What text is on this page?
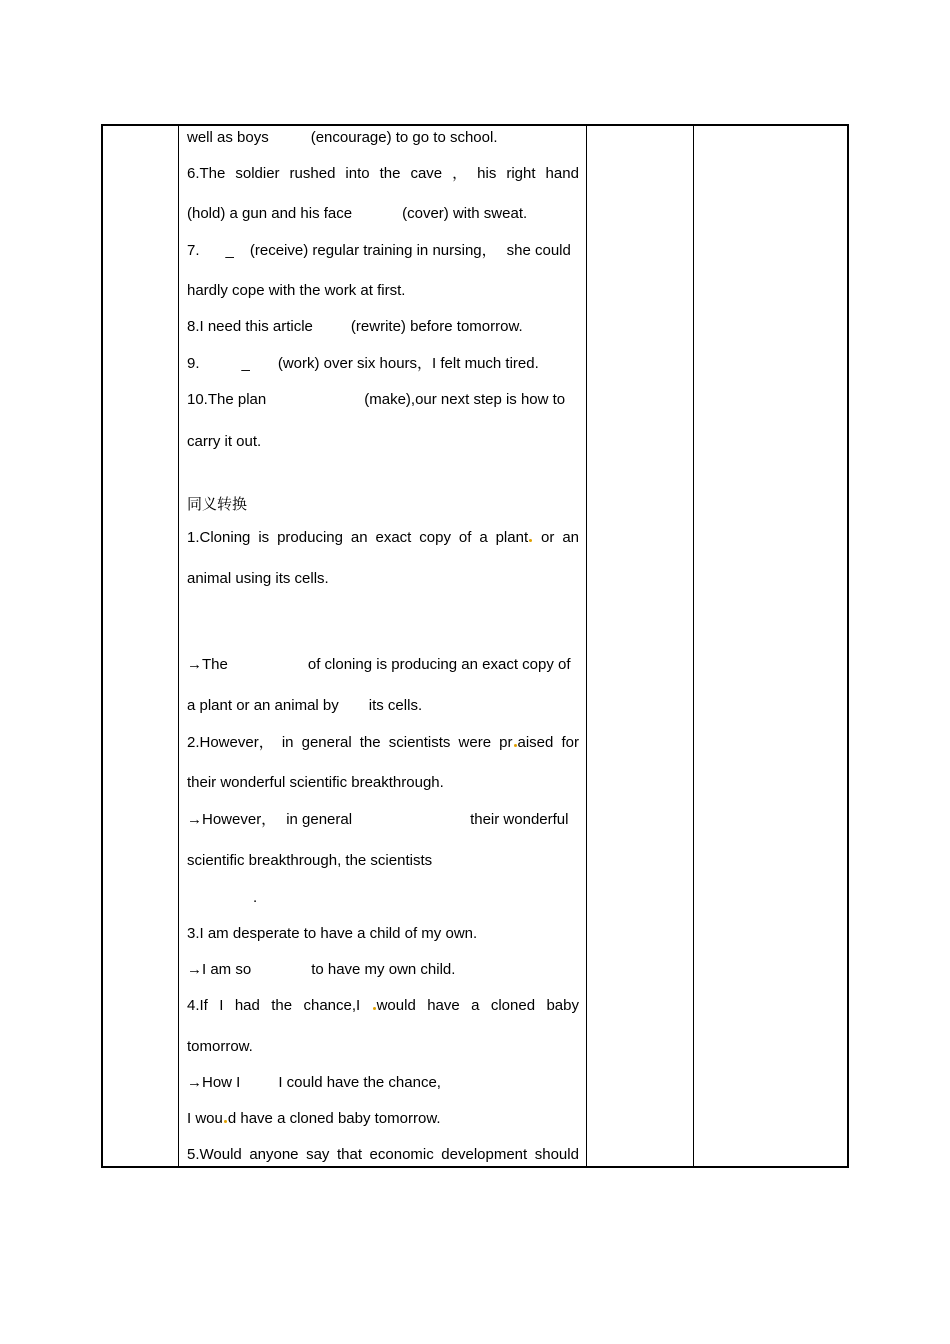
well as boys	(encourage) to go to school.
6.The soldier rushed into the cave ， his right hand
(hold) a gun and his face	(cover) with sweat.
7. _ (receive) regular training in nursing， she could
hardly cope with the work at first.
8.I need this article	(rewrite) before tomorrow.
9.	_ (work) over six hours，I felt much tired.
10.The plan	(make),our next step is how to
carry it out.
同义转换
1.Cloning is producing an exact copy of a plant or an
animal using its cells.
→The	of cloning is producing an exact copy of
a plant or an animal by its cells.
2.However， in general the scientists were pr aised for
their wonderful scientific breakthrough.
→However， in general	their wonderful
scientific breakthrough, the scientists
.
3.I am desperate to have a child of my own.
→I am so	to have my own child.
4.If I had the chance,I	would have a cloned baby
tomorrow.
→How I	I could have the chance,
I wou d have a cloned baby tomorrow.
5.Would anyone say that economic development should
